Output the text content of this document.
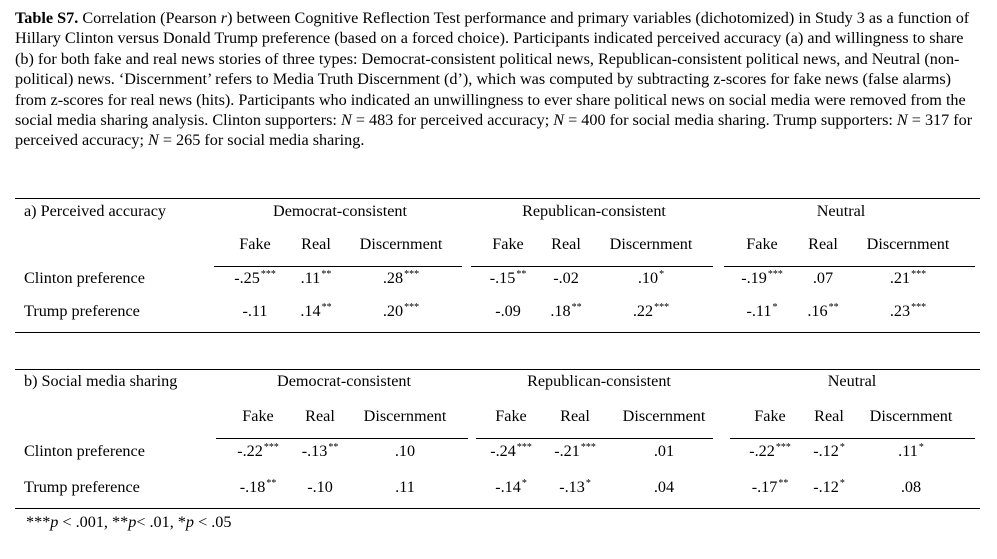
Table S7. Correlation (Pearson r) between Cognitive Reflection Test performance and primary variables (dichotomized) in Study 3 as a function of Hillary Clinton versus Donald Trump preference (based on a forced choice). Participants indicated perceived accuracy (a) and willingness to share (b) for both fake and real news stories of three types: Democrat-consistent political news, Republican-consistent political news, and Neutral (non-political) news. ‘Discernment’ refers to Media Truth Discernment (d’), which was computed by subtracting z-scores for fake news (false alarms) from z-scores for real news (hits). Participants who indicated an unwillingness to ever share political news on social media were removed from the social media sharing analysis. Clinton supporters: N = 483 for perceived accuracy; N = 400 for social media sharing. Trump supporters: N = 317 for perceived accuracy; N = 265 for social media sharing.
a) Perceived accuracy	Democrat-consistent
Fake Real Discernment
Republican-consistent
Fake Real Discernment
Neutral
Fake Real Discernment
Clinton preference	-.25*** .11**	.28***	-.15** -.02	.10*	-.19*** .07	.21***
Trump preference	-.11 .14**	.20***	-.09 .18**	.22***	-.11* .16**	.23***
b) Social media sharing	Democrat-consistent
Fake Real Discernment
Republican-consistent
Fake Real Discernment
Neutral
Fake Real Discernment
Clinton preference	-.22*** -.13**	.10	-.24*** -.21***	.01	-.22*** -.12*	.11*
Trump preference	-.18** -.10	.11	-.14* -.13*	.04	-.17** -.12*	.08
***p < .001, **p< .01, *p < .05
